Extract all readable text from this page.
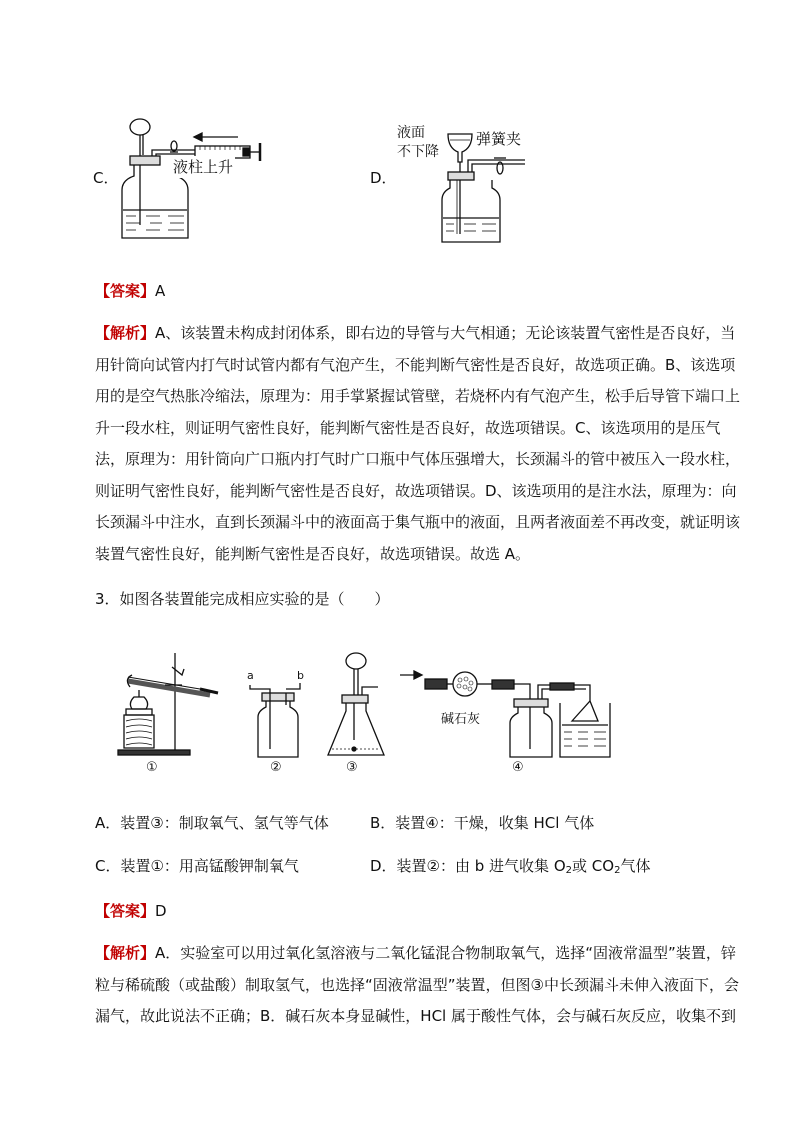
C．
液柱上升
D．
液面
不下降
弹簧夹
【答案】A
【解析】A、该装置未构成封闭体系，即右边的导管与大气相通；无论该装置气密性是否良好，当
用针筒向试管内打气时试管内都有气泡产生，不能判断气密性是否良好，故选项正确。B、该选项
用的是空气热胀冷缩法，原理为：用手掌紧握试管壁，若烧杯内有气泡产生，松手后导管下端口上
升一段水柱，则证明气密性良好，能判断气密性是否良好，故选项错误。C、该选项用的是压气
法，原理为：用针筒向广口瓶内打气时广口瓶中气体压强增大，长颈漏斗的管中被压入一段水柱，
则证明气密性良好，能判断气密性是否良好，故选项错误。D、该选项用的是注水法，原理为：向
长颈漏斗中注水，直到长颈漏斗中的液面高于集气瓶中的液面，且两者液面差不再改变，就证明该
装置气密性良好，能判断气密性是否良好，故选项错误。故选 A。
3．如图各装置能完成相应实验的是（　　）
a	b
碱石灰
①	②	③	④
A．装置③：制取氧气、氢气等气体	B．装置④：干燥，收集 HCl 气体
C．装置①：用高锰酸钾制氧气	D．装置②：由 b 进气收集 $O_2$或 $CO_2$气体
【答案】D
【解析】A．实验室可以用过氧化氢溶液与二氧化锰混合物制取氧气，选择“固液常温型”装置，锌
粒与稀硫酸（或盐酸）制取氢气，也选择“固液常温型”装置，但图③中长颈漏斗未伸入液面下，会
漏气，故此说法不正确；B．碱石灰本身显碱性，HCl 属于酸性气体，会与碱石灰反应，收集不到
